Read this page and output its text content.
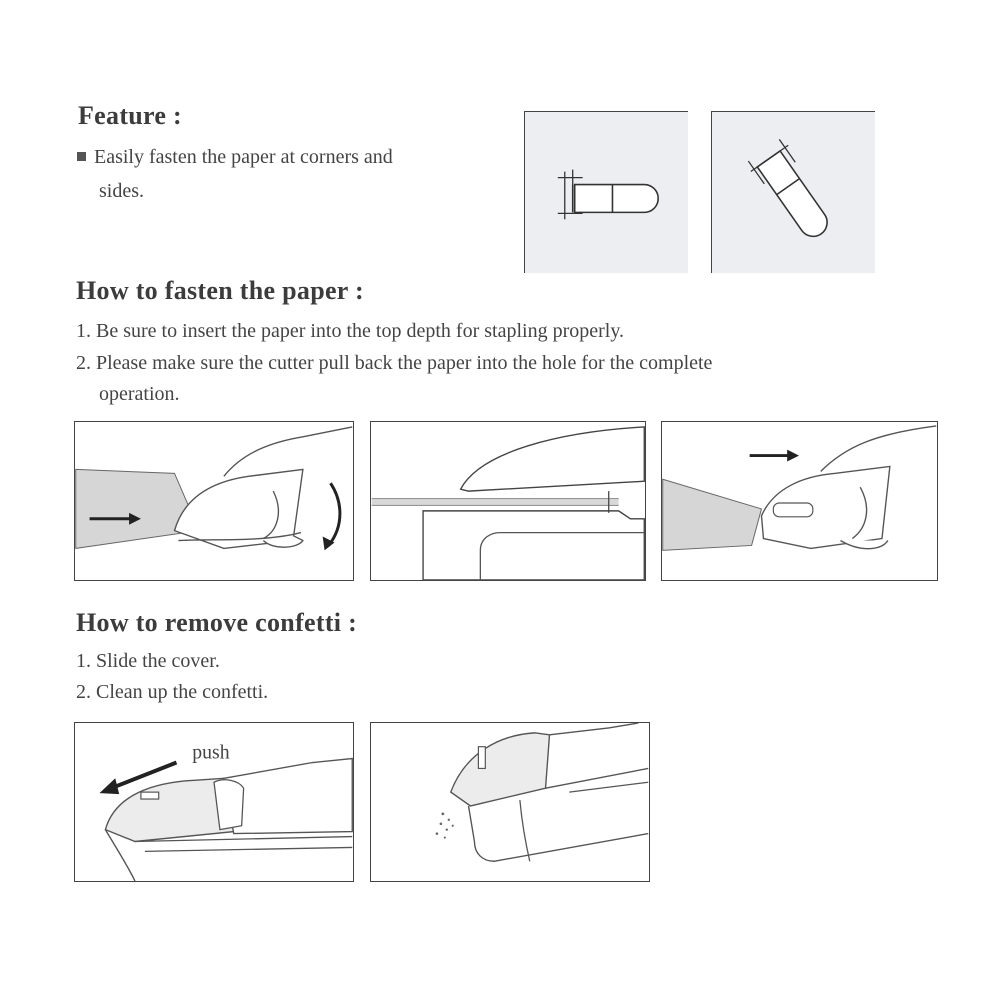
Feature :
Easily fasten the paper at corners and
sides.
How to fasten the paper :
1. Be sure to insert the paper into the top depth for stapling properly.
2. Please make sure the cutter pull back the paper into the hole for the complete
operation.
How to remove confetti :
1. Slide the cover.
2. Clean up the confetti.
push
